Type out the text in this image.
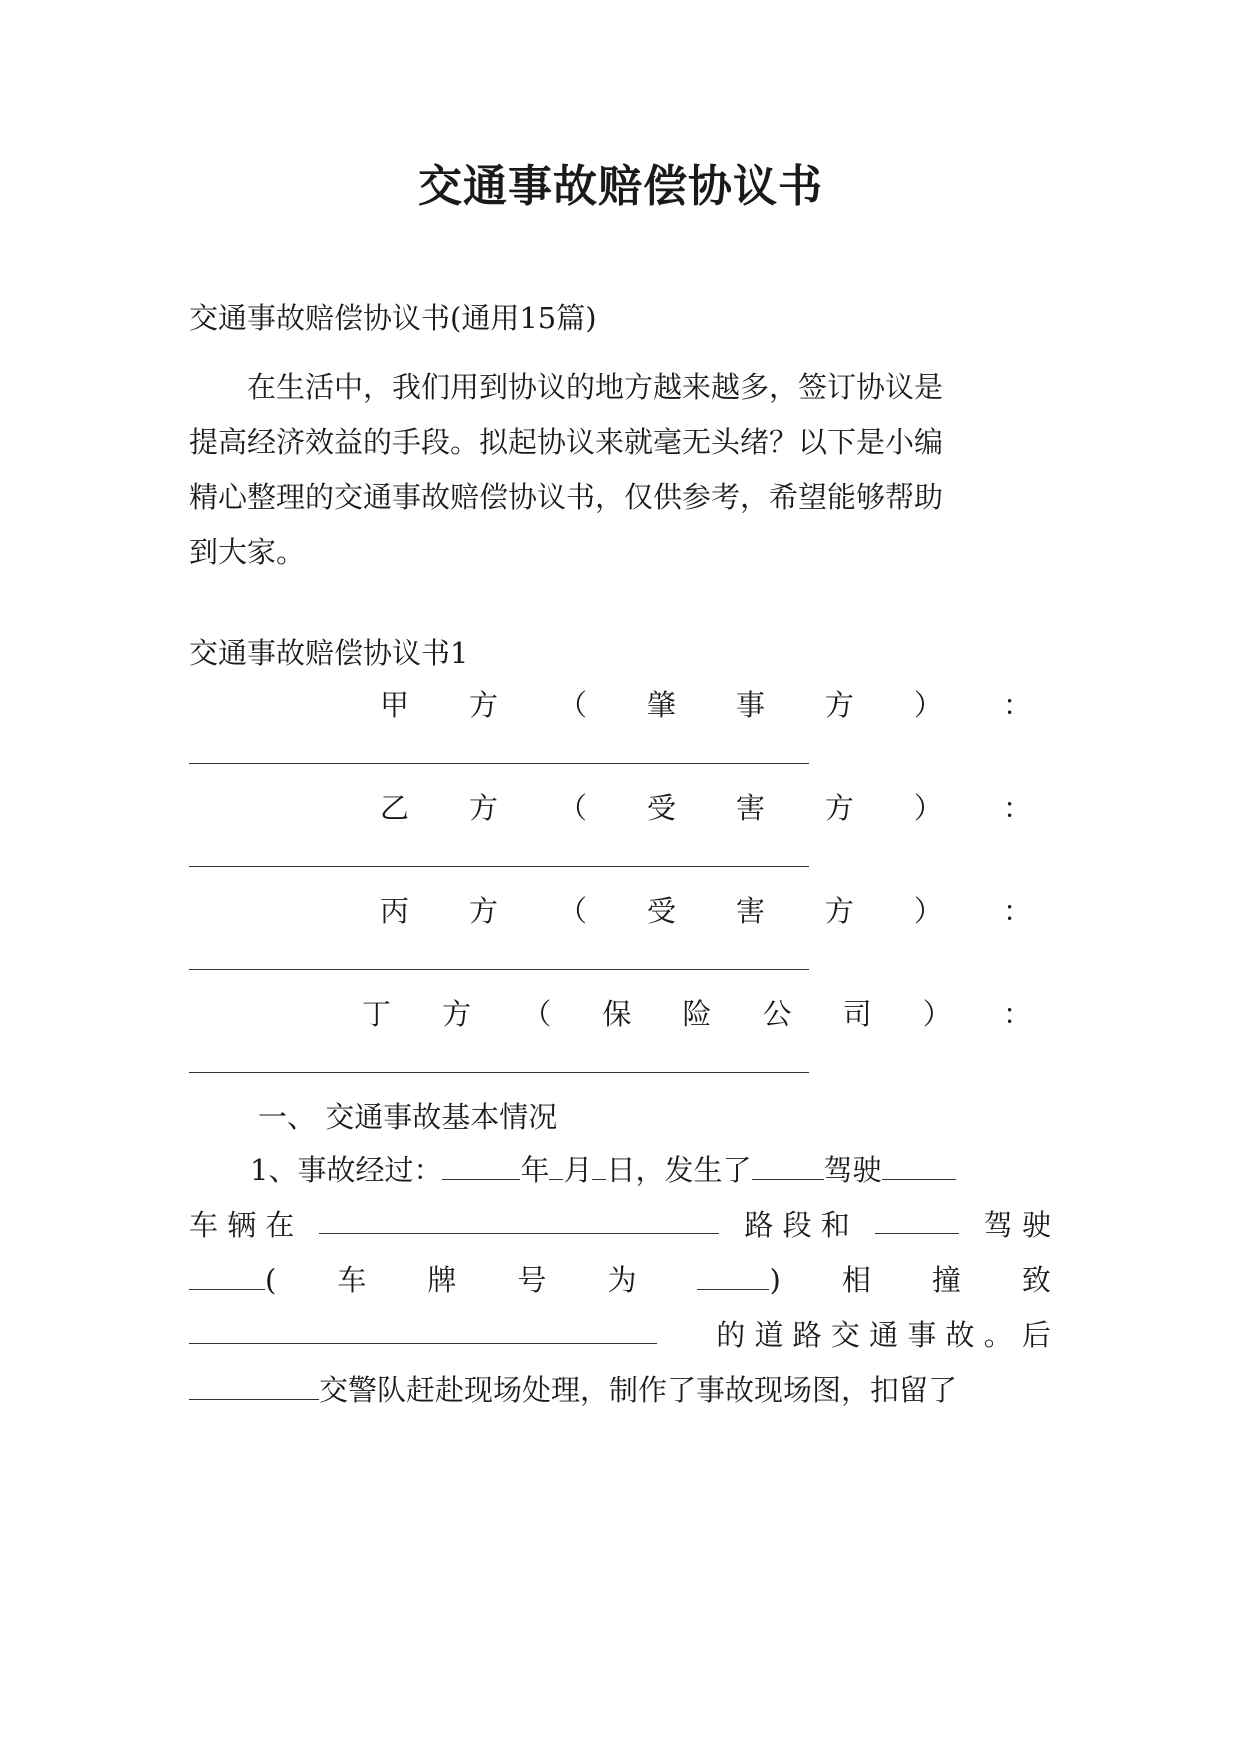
交通事故赔偿协议书
交通事故赔偿协议书(通用15篇)
在生活中，我们用到协议的地方越来越多，签订协议是
提高经济效益的手段。拟起协议来就毫无头绪？以下是小编
精心整理的交通事故赔偿协议书，仅供参考，希望能够帮助
到大家。
交通事故赔偿协议书1
甲 方 （ 肇 事 方 ） ：
乙 方 （ 受 害 方 ） ：
丙 方 （ 受 害 方 ） ：
丁 方 （ 保 险 公 司 ） ：
一、 交通事故基本情况
1、事故经过：	年 月 日，发生了 驾驶
车 辆 在	路 段 和	驾 驶
( 车 牌 号 为	) 相 撞 致
的 道 路 交 通 事 故 。 后
交警队赶赴现场处理，制作了事故现场图，扣留了
